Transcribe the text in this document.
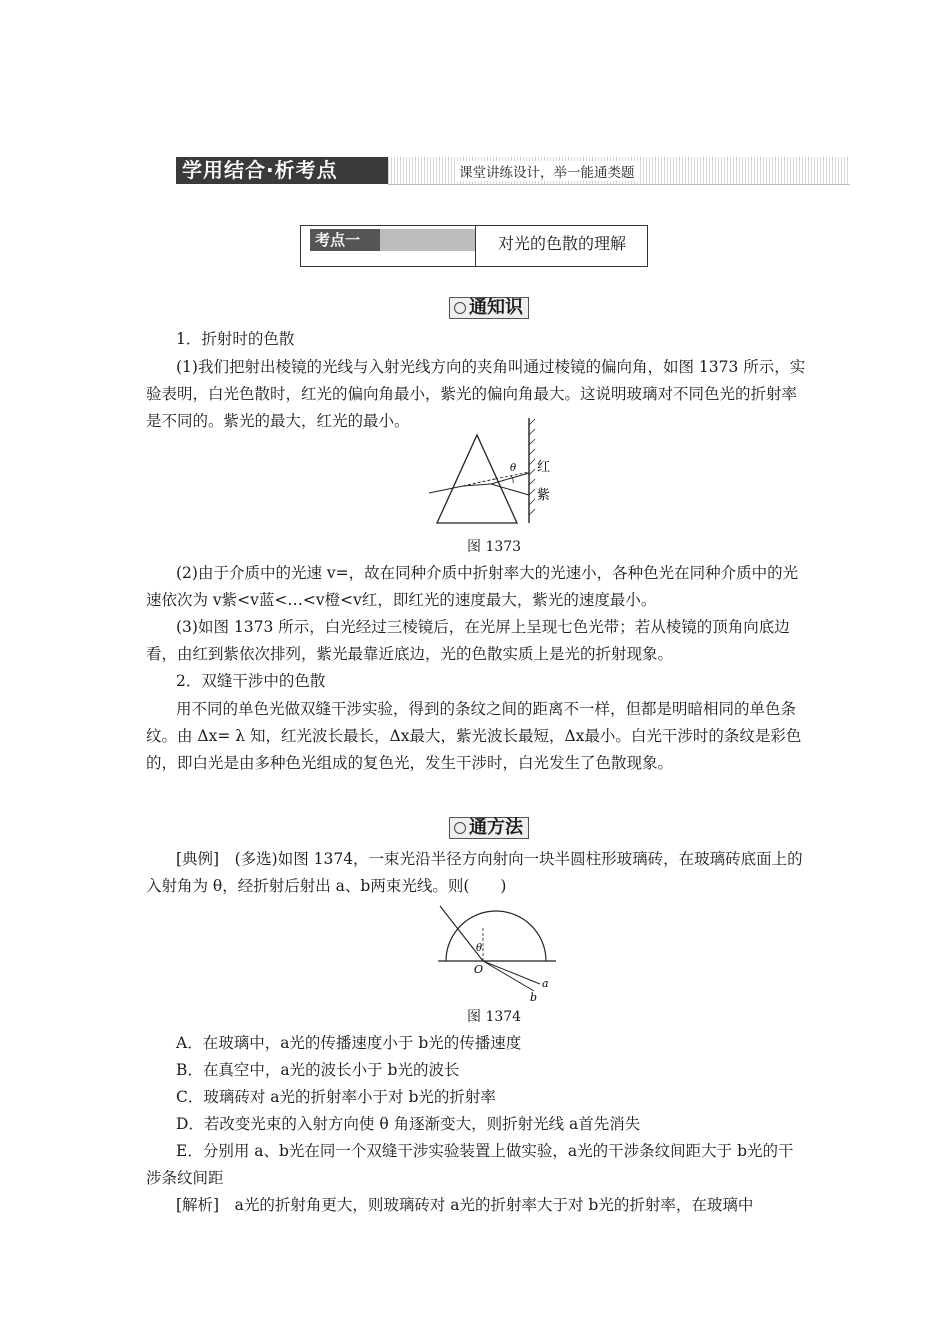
学用结合·析考点	课堂讲练设计，举一能通类题
考点一	对光的色散的理解
通知识

1．折射时的色散

(1)我们把射出棱镜的光线与入射光线方向的夹角叫通过棱镜的偏向角，如图 1373 所示，实验表明，白光色散时，红光的偏向角最小，紫光的偏向角最大。这说明玻璃对不同色光的折射率是不同的。紫光的最大，红光的最小。

θ 红
紫
图 1373

(2)由于介质中的光速 v=，故在同种介质中折射率大的光速小，各种色光在同种介质中的光速依次为 v紫<v蓝<…<v橙<v红，即红光的速度最大，紫光的速度最小。

(3)如图 1373 所示，白光经过三棱镜后，在光屏上呈现七色光带；若从棱镜的顶角向底边看，由红到紫依次排列，紫光最靠近底边，光的色散实质上是光的折射现象。

2．双缝干涉中的色散

用不同的单色光做双缝干涉实验，得到的条纹之间的距离不一样，但都是明暗相同的单色条纹。由 Δx= λ 知，红光波长最长，Δx最大，紫光波长最短，Δx最小。白光干涉时的条纹是彩色的，即白光是由多种色光组成的复色光，发生干涉时，白光发生了色散现象。

通方法

[典例]　(多选)如图 1374，一束光沿半径方向射向一块半圆柱形玻璃砖，在玻璃砖底面上的入射角为 θ，经折射后射出 a、b两束光线。则(　　)

θ
O
a
b
图 1374

A．在玻璃中，a光的传播速度小于 b光的传播速度

B．在真空中，a光的波长小于 b光的波长

C．玻璃砖对 a光的折射率小于对 b光的折射率

D．若改变光束的入射方向使 θ 角逐渐变大，则折射光线 a首先消失

E．分别用 a、b光在同一个双缝干涉实验装置上做实验，a光的干涉条纹间距大于 b光的干涉条纹间距

[解析]　a光的折射角更大，则玻璃砖对 a光的折射率大于对 b光的折射率，在玻璃中
